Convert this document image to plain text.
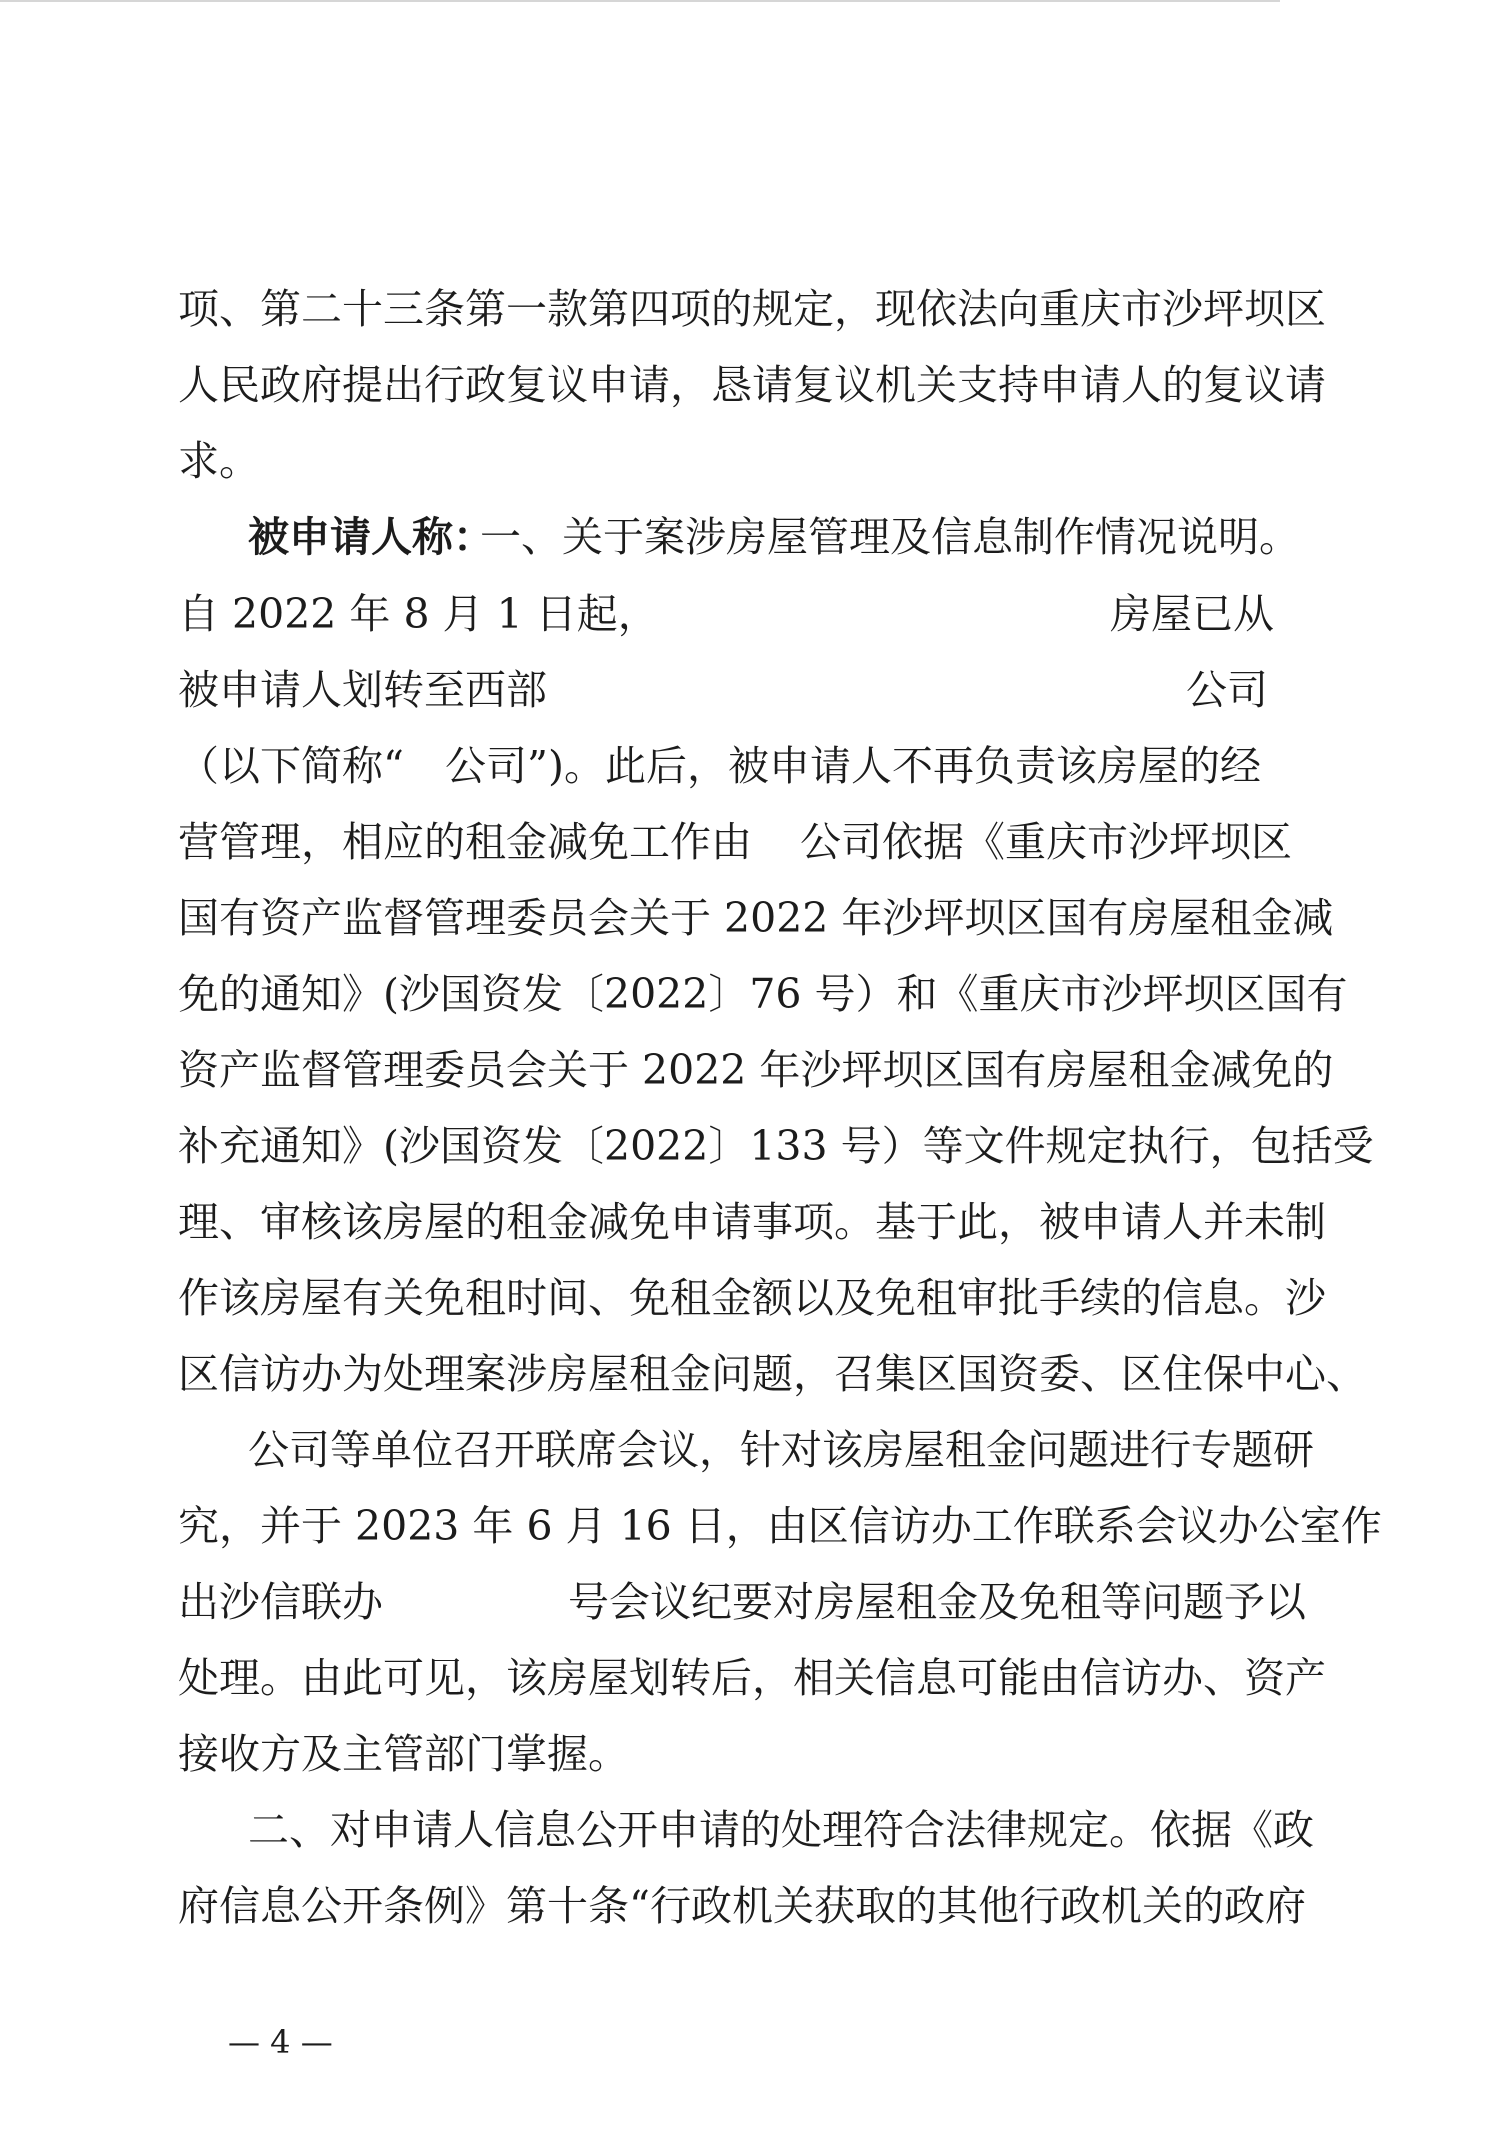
项、第二十三条第一款第四项的规定，现依法向重庆市沙坪坝区

人民政府提出行政复议申请，恳请复议机关支持申请人的复议请

求。

被申请人称：

一、关于案涉房屋管理及信息制作情况说明。

自 2022 年 8 月 1 日起，

	房屋已从

被申请人划转至西部

	公司

（以下简称“

公司”)。此后，被申请人不再负责该房屋的经

营管理，相应的租金减免工作由

公司依据《重庆市沙坪坝区

国有资产监督管理委员会关于 2022 年沙坪坝区国有房屋租金减

免的通知》(沙国资发〔2022〕76 号）和《重庆市沙坪坝区国有

资产监督管理委员会关于 2022 年沙坪坝区国有房屋租金减免的

补充通知》(沙国资发〔2022〕133 号）等文件规定执行，包括受

理、审核该房屋的租金减免申请事项。基于此，被申请人并未制

作该房屋有关免租时间、免租金额以及免租审批手续的信息。沙

区信访办为处理案涉房屋租金问题，召集区国资委、区住保中心、

公司等单位召开联席会议，针对该房屋租金问题进行专题研

究，并于 2023 年 6 月 16 日，由区信访办工作联系会议办公室作

出沙信联办

	号会议纪要对房屋租金及免租等问题予以

处理。由此可见，该房屋划转后，相关信息可能由信访办、资产

接收方及主管部门掌握。

二、对申请人信息公开申请的处理符合法律规定。依据《政

府信息公开条例》第十条“行政机关获取的其他行政机关的政府

— 4 —
